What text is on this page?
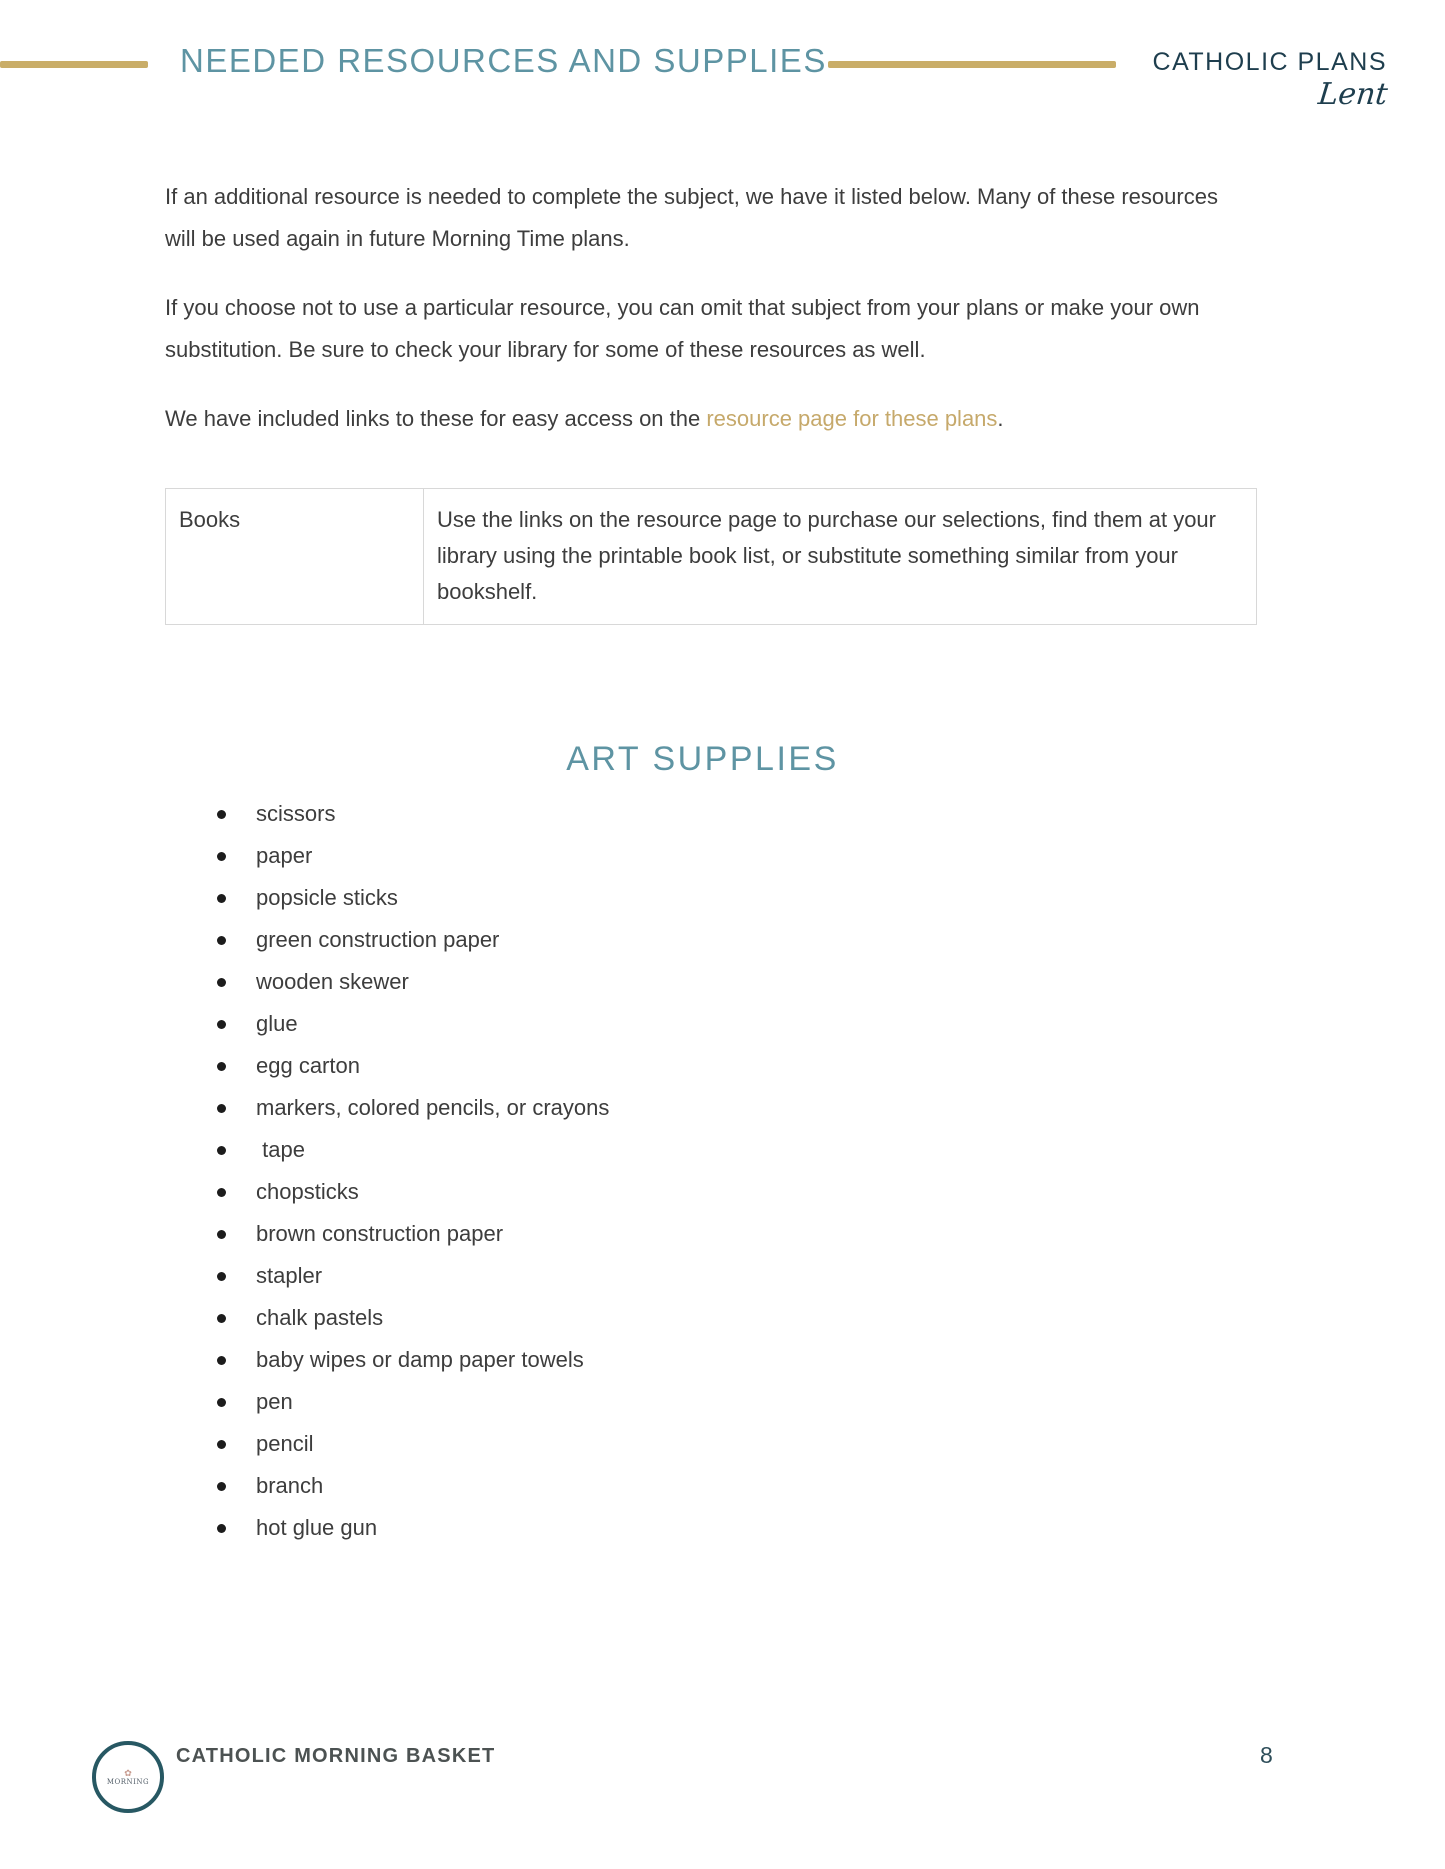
NEEDED RESOURCES AND SUPPLIES	CATHOLIC PLANS
Lent

If an additional resource is needed to complete the subject, we have it listed below. Many of these resources will be used again in future Morning Time plans.

If you choose not to use a particular resource, you can omit that subject from your plans or make your own substitution. Be sure to check your library for some of these resources as well.

We have included links to these for easy access on the resource page for these plans.

Books	Use the links on the resource page to purchase our selections, find them at your library using the printable book list, or substitute something similar from your bookshelf.
ART SUPPLIES
scissors
paper
popsicle sticks
green construction paper
wooden skewer
glue
egg carton
markers, colored pencils, or crayons
tape
chopsticks
brown construction paper
stapler
chalk pastels
baby wipes or damp paper towels
pen
pencil
branch
hot glue gun
✿
MORNING
CATHOLIC MORNING BASKET	8
